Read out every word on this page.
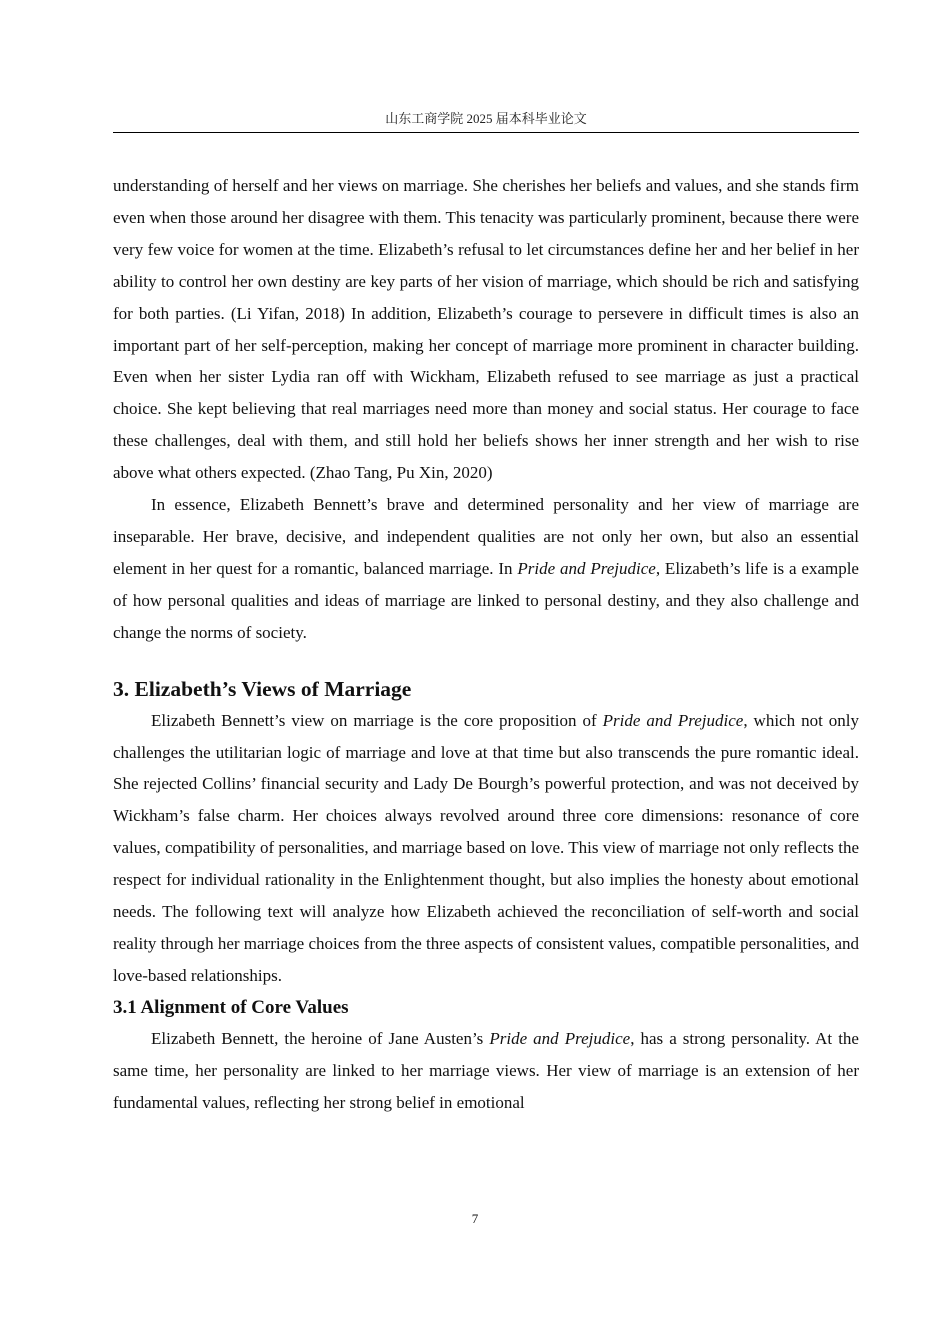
山东工商学院 2025 届本科毕业论文

understanding of herself and her views on marriage. She cherishes her beliefs and values, and she stands firm even when those around her disagree with them. This tenacity was particularly prominent, because there were very few voice for women at the time. Elizabeth’s refusal to let circumstances define her and her belief in her ability to control her own destiny are key parts of her vision of marriage, which should be rich and satisfying for both parties. (Li Yifan, 2018) In addition, Elizabeth’s courage to persevere in difficult times is also an important part of her self-perception, making her concept of marriage more prominent in character building. Even when her sister Lydia ran off with Wickham, Elizabeth refused to see marriage as just a practical choice. She kept believing that real marriages need more than money and social status. Her courage to face these challenges, deal with them, and still hold her beliefs shows her inner strength and her wish to rise above what others expected. (Zhao Tang, Pu Xin, 2020)

In essence, Elizabeth Bennett’s brave and determined personality and her view of marriage are inseparable. Her brave, decisive, and independent qualities are not only her own, but also an essential element in her quest for a romantic, balanced marriage. In Pride and Prejudice, Elizabeth’s life is a example of how personal qualities and ideas of marriage are linked to personal destiny, and they also challenge and change the norms of society.

3. Elizabeth’s Views of Marriage

Elizabeth Bennett’s view on marriage is the core proposition of Pride and Prejudice, which not only challenges the utilitarian logic of marriage and love at that time but also transcends the pure romantic ideal. She rejected Collins’ financial security and Lady De Bourgh’s powerful protection, and was not deceived by Wickham’s false charm. Her choices always revolved around three core dimensions: resonance of core values, compatibility of personalities, and marriage based on love. This view of marriage not only reflects the respect for individual rationality in the Enlightenment thought, but also implies the honesty about emotional needs. The following text will analyze how Elizabeth achieved the reconciliation of self-worth and social reality through her marriage choices from the three aspects of consistent values, compatible personalities, and love-based relationships.

3.1 Alignment of Core Values

Elizabeth Bennett, the heroine of Jane Austen’s Pride and Prejudice, has a strong personality. At the same time, her personality are linked to her marriage views. Her view of marriage is an extension of her fundamental values, reflecting her strong belief in emotional

7
